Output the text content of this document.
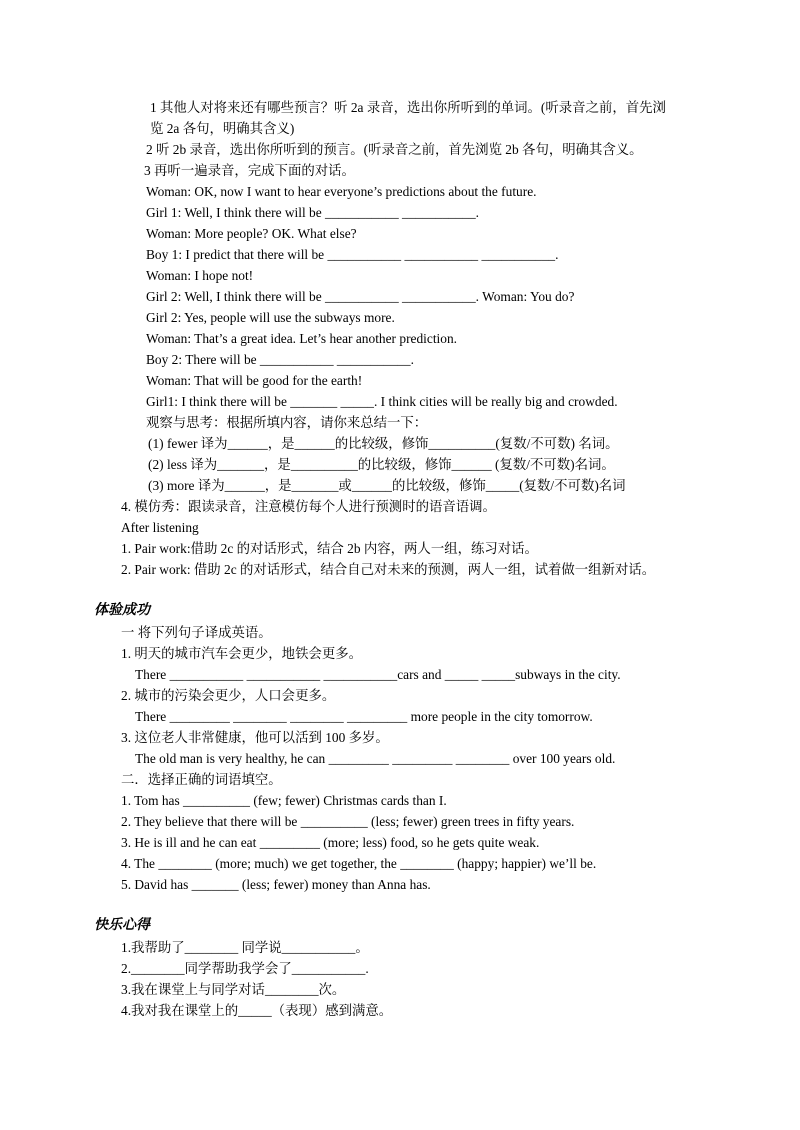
1 其他人对将来还有哪些预言？听 2a 录音，选出你所听到的单词。(听录音之前，首先浏
览 2a 各句，明确其含义)
2 听 2b 录音，选出你所听到的预言。(听录音之前，首先浏览 2b 各句，明确其含义。
3 再听一遍录音，完成下面的对话。
Woman: OK, now I want to hear everyone’s predictions about the future.
Girl 1: Well, I think there will be ___________ ___________.
Woman: More people? OK. What else?
Boy 1: I predict that there will be ___________ ___________ ___________.
Woman: I hope not!
Girl 2: Well, I think there will be ___________ ___________. Woman: You do?
Girl 2: Yes, people will use the subways more.
Woman: That’s a great idea. Let’s hear another prediction.
Boy 2: There will be ___________ ___________.
Woman: That will be good for the earth!
Girl1: I think there will be _______ _____. I think cities will be really big and crowded.
观察与思考：根据所填内容，请你来总结一下：
(1) fewer 译为______，是______的比较级，修饰__________(复数/不可数) 名词。
(2) less 译为_______，是__________的比较级，修饰______ (复数/不可数)名词。
(3) more 译为______，是_______或______的比较级，修饰_____(复数/不可数)名词
4. 模仿秀：跟读录音，注意模仿每个人进行预测时的语音语调。
After listening
1. Pair work:借助 2c 的对话形式，结合 2b 内容，两人一组，练习对话。
2. Pair work: 借助 2c 的对话形式，结合自己对未来的预测，两人一组，试着做一组新对话。
体验成功
一 将下列句子译成英语。
1. 明天的城市汽车会更少，地铁会更多。
There ___________ ___________ ___________cars and _____ _____subways in the city.
2. 城市的污染会更少，人口会更多。
There _________ ________ ________ _________ more people in the city tomorrow.
3. 这位老人非常健康，他可以活到 100 多岁。
The old man is very healthy, he can _________ _________ ________ over 100 years old.
二．选择正确的词语填空。
1. Tom has __________ (few; fewer) Christmas cards than I.
2. They believe that there will be __________ (less; fewer) green trees in fifty years.
3. He is ill and he can eat _________ (more; less) food, so he gets quite weak.
4. The ________ (more; much) we get together, the ________ (happy; happier) we’ll be.
5. David has _______ (less; fewer) money than Anna has.
快乐心得
1.我帮助了________ 同学说___________。
2.________同学帮助我学会了___________.
3.我在课堂上与同学对话________次。
4.我对我在课堂上的_____（表现）感到满意。
